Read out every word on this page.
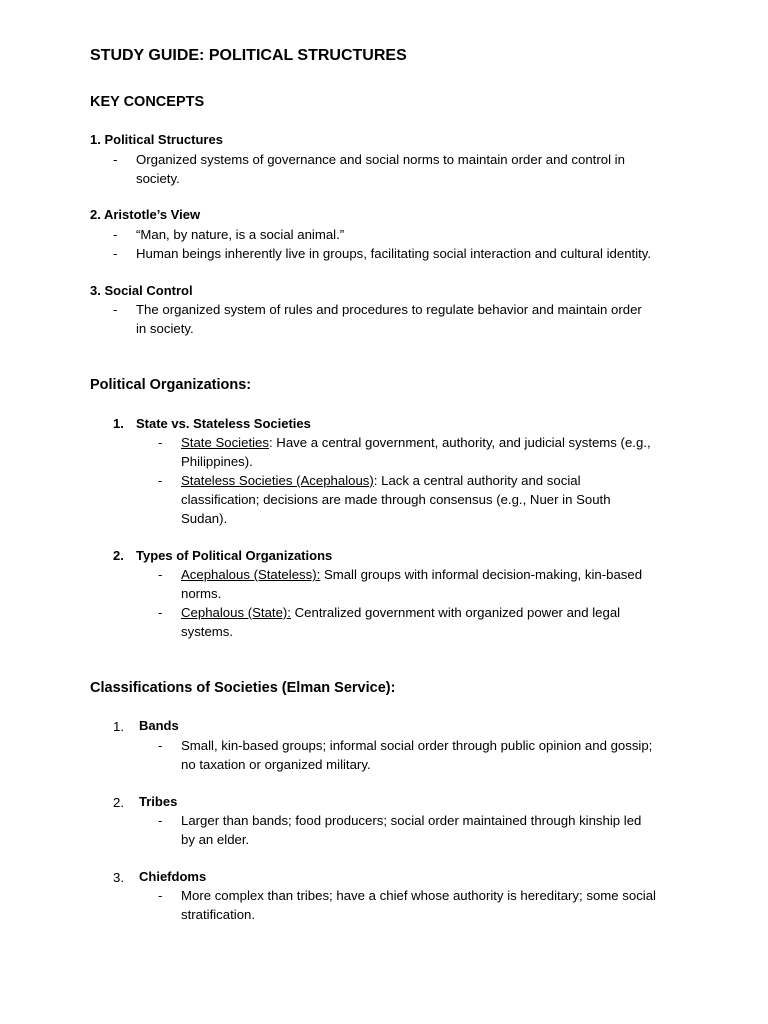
STUDY GUIDE: POLITICAL STRUCTURES
KEY CONCEPTS
1. Political Structures
- Organized systems of governance and social norms to maintain order and control in
society.
2. Aristotle’s View
- “Man, by nature, is a social animal.”
- Human beings inherently live in groups, facilitating social interaction and cultural identity.
3. Social Control
- The organized system of rules and procedures to regulate behavior and maintain order
in society.
Political Organizations:
1. State vs. Stateless Societies
- State Societies: Have a central government, authority, and judicial systems (e.g.,
Philippines).
- Stateless Societies (Acephalous): Lack a central authority and social
classification; decisions are made through consensus (e.g., Nuer in South
Sudan).
2. Types of Political Organizations
- Acephalous (Stateless): Small groups with informal decision-making, kin-based
norms.
- Cephalous (State): Centralized government with organized power and legal
systems.
Classifications of Societies (Elman Service):
1. Bands
- Small, kin-based groups; informal social order through public opinion and gossip;
no taxation or organized military.
2. Tribes
- Larger than bands; food producers; social order maintained through kinship led
by an elder.
3. Chiefdoms
- More complex than tribes; have a chief whose authority is hereditary; some social
stratification.
